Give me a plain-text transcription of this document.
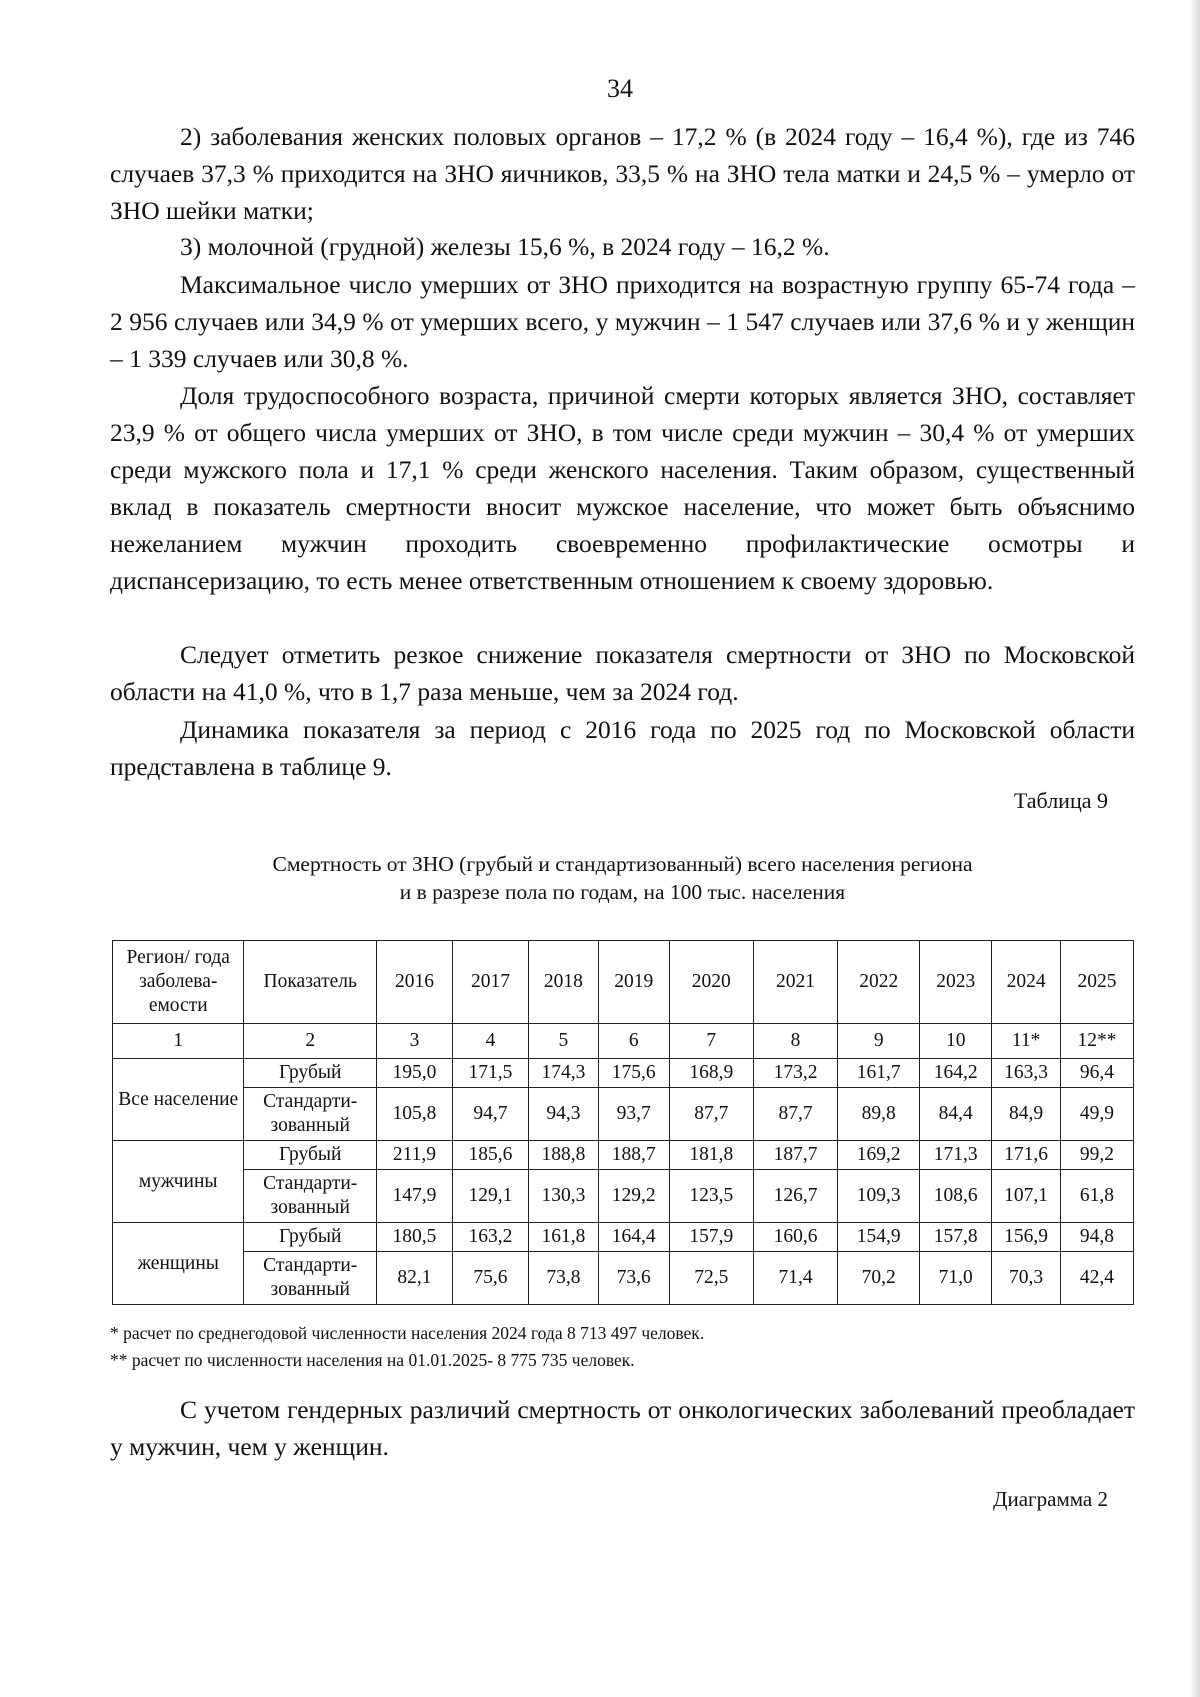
34

2) заболевания женских половых органов – 17,2 % (в 2024 году – 16,4 %), где из 746 случаев 37,3 % приходится на ЗНО яичников, 33,5 % на ЗНО тела матки и 24,5 % – умерло от ЗНО шейки матки;

3) молочной (грудной) железы 15,6 %, в 2024 году – 16,2 %.

Максимальное число умерших от ЗНО приходится на возрастную группу 65-74 года – 2 956 случаев или 34,9 % от умерших всего, у мужчин – 1 547 случаев или 37,6 % и у женщин – 1 339 случаев или 30,8 %.

Доля трудоспособного возраста, причиной смерти которых является ЗНО, составляет 23,9 % от общего числа умерших от ЗНО, в том числе среди мужчин – 30,4 % от умерших среди мужского пола и 17,1 % среди женского населения. Таким образом, существенный вклад в показатель смертности вносит мужское население, что может быть объяснимо нежеланием мужчин проходить своевременно профилактические осмотры и диспансеризацию, то есть менее ответственным отношением к своему здоровью.

Следует отметить резкое снижение показателя смертности от ЗНО по Московской области на 41,0 %, что в 1,7 раза меньше, чем за 2024 год.

Динамика показателя за период с 2016 года по 2025 год по Московской области представлена в таблице 9.

Таблица 9

Смертность от ЗНО (грубый и стандартизованный) всего населения региона
и в разрезе пола по годам, на 100 тыс. населения

Регион/ года заболева-емости	Показатель	2016	2017	2018	2019	2020	2021	2022	2023	2024	2025
1	2	3	4	5	6	7	8	9	10	11*	12**
Все население	Грубый	195,0	171,5	174,3	175,6	168,9	173,2	161,7	164,2	163,3	96,4
	Стандарти-зованный	105,8	94,7	94,3	93,7	87,7	87,7	89,8	84,4	84,9	49,9
мужчины	Грубый	211,9	185,6	188,8	188,7	181,8	187,7	169,2	171,3	171,6	99,2
	Стандарти-зованный	147,9	129,1	130,3	129,2	123,5	126,7	109,3	108,6	107,1	61,8
женщины	Грубый	180,5	163,2	161,8	164,4	157,9	160,6	154,9	157,8	156,9	94,8
	Стандарти-зованный	82,1	75,6	73,8	73,6	72,5	71,4	70,2	71,0	70,3	42,4

* расчет по среднегодовой численности населения 2024 года 8 713 497 человек.

** расчет по численности населения на 01.01.2025- 8 775 735 человек.

С учетом гендерных различий смертность от онкологических заболеваний преобладает у мужчин, чем у женщин.

Диаграмма 2
